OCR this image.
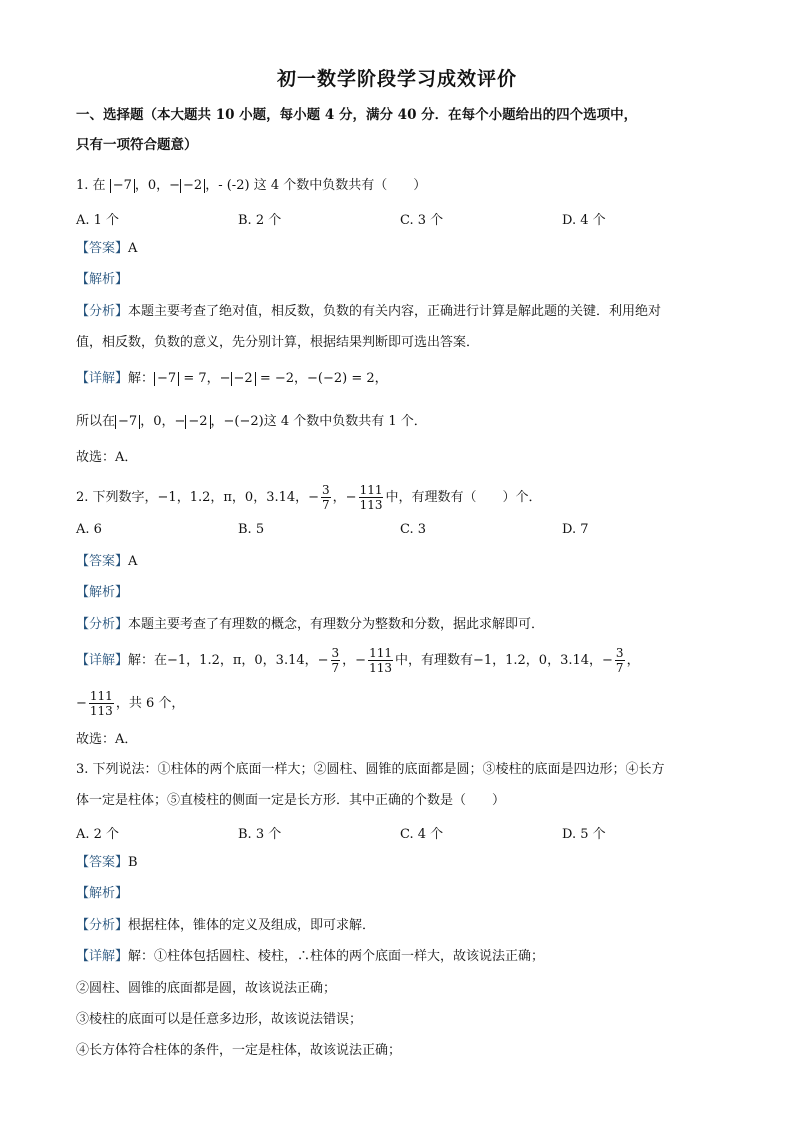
初一数学阶段学习成效评价
一、选择题（本大题共 10 小题，每小题 4 分，满分 40 分．在每个小题给出的四个选项中，
只有一项符合题意）
1. 在 −7 ，0，− −2 ，- (-2) 这 4 个数中负数共有（　　）
A. 1 个	B. 2 个	C. 3 个	D. 4 个
【答案】A
【解析】
【分析】本题主要考查了绝对值，相反数，负数的有关内容，正确进行计算是解此题的关键．利用绝对
值，相反数，负数的意义，先分别计算，根据结果判断即可选出答案．
【详解】解： −7 = 7，− −2 = −2，−(−2) = 2，
所以在 −7 ，0，− −2 ，−(−2)这 4 个数中负数共有 1 个．
故选：A．
2. 下列数字，−1，1.2，π，0，3.14，− $\frac{3}{7}$ ，− $\frac{111}{113}$ 中，有理数有（　　）个．
A. 6	B. 5	C. 3	D. 7
【答案】A
【解析】
【分析】本题主要考查了有理数的概念，有理数分为整数和分数，据此求解即可．
【详解】解：在−1，1.2，π，0，3.14，− $\frac{3}{7}$ ，− $\frac{111}{113}$ 中，有理数有−1，1.2，0，3.14，− $\frac{3}{7}$ ，
− $\frac{111}{113}$ ，共 6 个，
故选：A．
3. 下列说法：①柱体的两个底面一样大；②圆柱、圆锥的底面都是圆；③棱柱的底面是四边形；④长方
体一定是柱体；⑤直棱柱的侧面一定是长方形．其中正确的个数是（　　）
A. 2 个	B. 3 个	C. 4 个	D. 5 个
【答案】B
【解析】
【分析】根据柱体，锥体的定义及组成，即可求解．
【详解】解：①柱体包括圆柱、棱柱，∴柱体的两个底面一样大，故该说法正确；
②圆柱、圆锥的底面都是圆，故该说法正确；
③棱柱的底面可以是任意多边形，故该说法错误；
④长方体符合柱体的条件，一定是柱体，故该说法正确；
